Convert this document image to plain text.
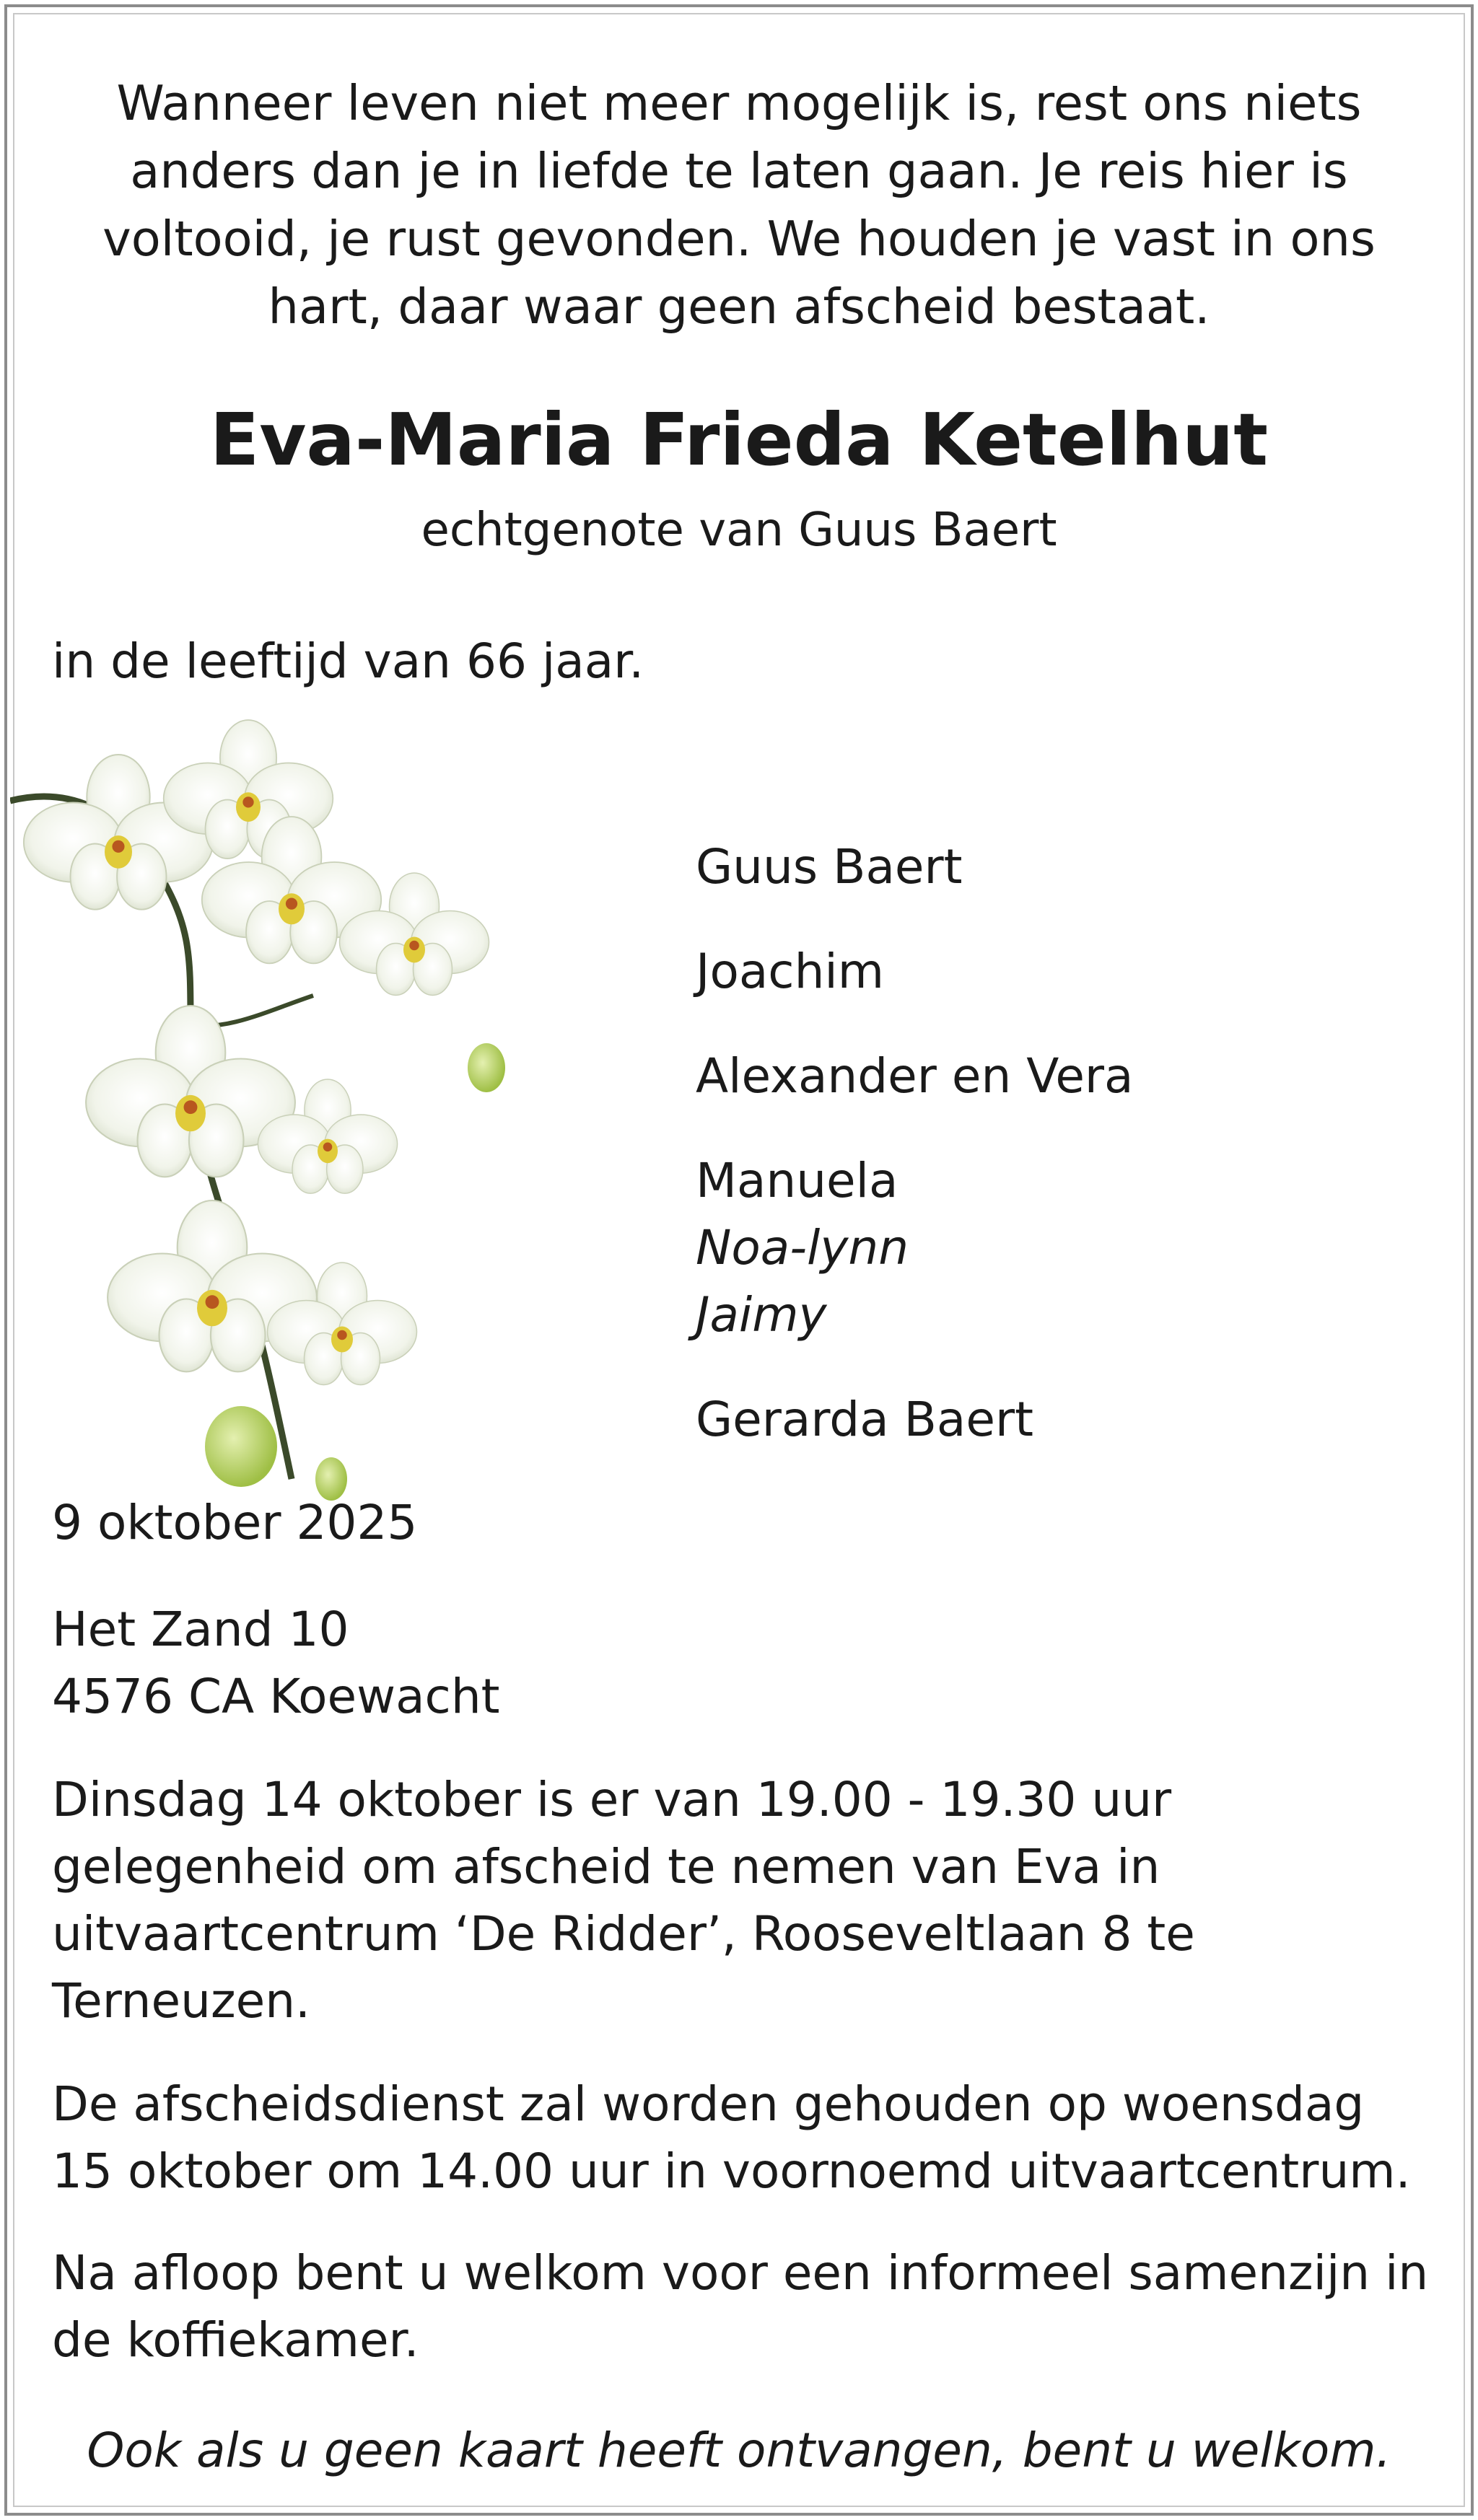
Wanneer leven niet meer mogelijk is, rest ons niets
anders dan je in liefde te laten gaan. Je reis hier is
voltooid, je rust gevonden. We houden je vast in ons
hart, daar waar geen afscheid bestaat.

Eva-Maria Frieda Ketelhut

echtgenote van Guus Baert

in de leeftijd van 66 jaar.

Guus Baert

Joachim

Alexander en Vera

Manuela

Noa-lynn

Jaimy

Gerarda Baert

9 oktober 2025

Het Zand 10
4576 CA Koewacht

Dinsdag 14 oktober is er van 19.00 - 19.30 uur gelegenheid om afscheid te nemen van Eva in uitvaartcentrum ‘De Ridder’, Rooseveltlaan 8 te Terneuzen.

De afscheidsdienst zal worden gehouden op woensdag 15 oktober om 14.00 uur in voornoemd uitvaartcentrum.

Na afloop bent u welkom voor een informeel samenzijn in de koffiekamer.

Ook als u geen kaart heeft ontvangen, bent u welkom.
